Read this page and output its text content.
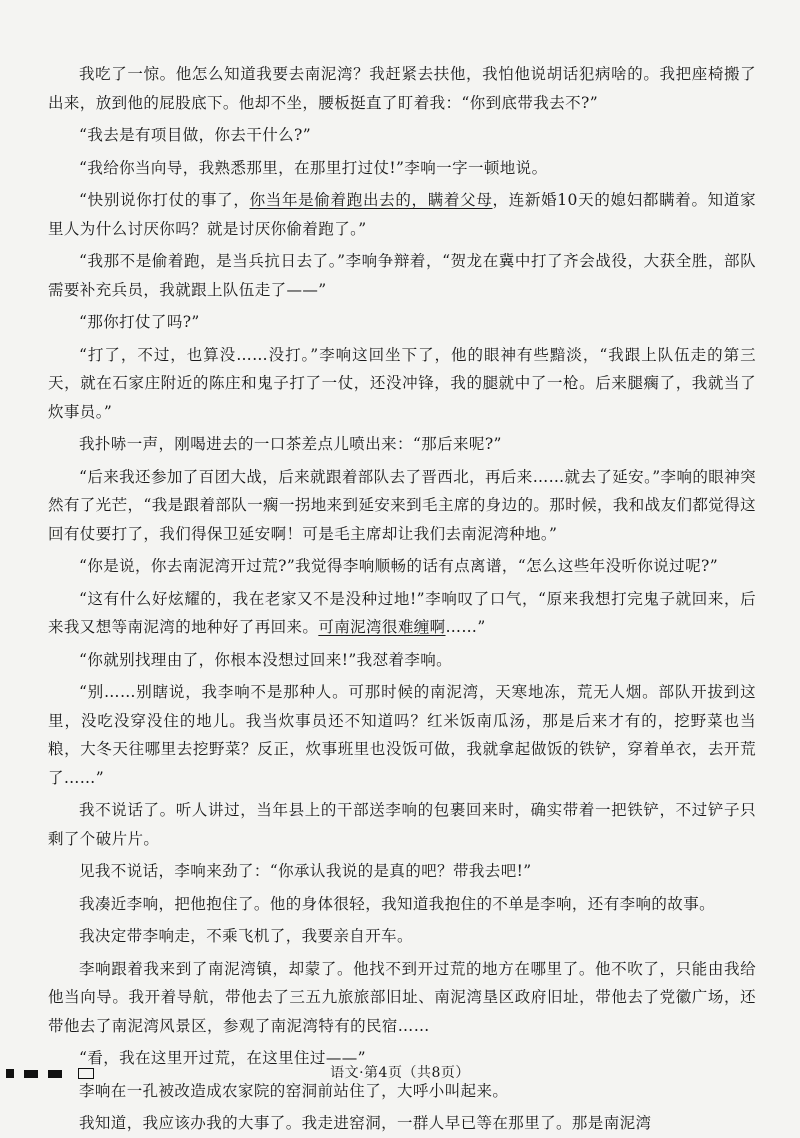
我吃了一惊。他怎么知道我要去南泥湾？我赶紧去扶他，我怕他说胡话犯病啥的。我把座椅搬了出来，放到他的屁股底下。他却不坐，腰板挺直了盯着我：“你到底带我去不?”

“我去是有项目做，你去干什么?”

“我给你当向导，我熟悉那里，在那里打过仗!”李响一字一顿地说。

“快别说你打仗的事了，你当年是偷着跑出去的，瞒着父母，连新婚10天的媳妇都瞒着。知道家里人为什么讨厌你吗？就是讨厌你偷着跑了。”

“我那不是偷着跑，是当兵抗日去了。”李响争辩着，“贺龙在冀中打了齐会战役，大获全胜，部队需要补充兵员，我就跟上队伍走了——”

“那你打仗了吗?”

“打了，不过，也算没……没打。”李响这回坐下了，他的眼神有些黯淡，“我跟上队伍走的第三天，就在石家庄附近的陈庄和鬼子打了一仗，还没冲锋，我的腿就中了一枪。后来腿瘸了，我就当了炊事员。”

我扑哧一声，刚喝进去的一口茶差点儿喷出来：“那后来呢?”

“后来我还参加了百团大战，后来就跟着部队去了晋西北，再后来……就去了延安。”李响的眼神突然有了光芒，“我是跟着部队一瘸一拐地来到延安来到毛主席的身边的。那时候，我和战友们都觉得这回有仗要打了，我们得保卫延安啊！可是毛主席却让我们去南泥湾种地。”

“你是说，你去南泥湾开过荒?”我觉得李响顺畅的话有点离谱，“怎么这些年没听你说过呢?”

“这有什么好炫耀的，我在老家又不是没种过地!”李响叹了口气，“原来我想打完鬼子就回来，后来我又想等南泥湾的地种好了再回来。可南泥湾很难缠啊……”

“你就别找理由了，你根本没想过回来!”我怼着李响。

“别……别瞎说，我李响不是那种人。可那时候的南泥湾，天寒地冻，荒无人烟。部队开拔到这里，没吃没穿没住的地儿。我当炊事员还不知道吗？红米饭南瓜汤，那是后来才有的，挖野菜也当粮，大冬天往哪里去挖野菜？反正，炊事班里也没饭可做，我就拿起做饭的铁铲，穿着单衣，去开荒了……”

我不说话了。听人讲过，当年县上的干部送李响的包裹回来时，确实带着一把铁铲，不过铲子只剩了个破片片。

见我不说话，李响来劲了：“你承认我说的是真的吧？带我去吧!”

我凑近李响，把他抱住了。他的身体很轻，我知道我抱住的不单是李响，还有李响的故事。

我决定带李响走，不乘飞机了，我要亲自开车。

李响跟着我来到了南泥湾镇，却蒙了。他找不到开过荒的地方在哪里了。他不吹了，只能由我给他当向导。我开着导航，带他去了三五九旅旅部旧址、南泥湾垦区政府旧址，带他去了党徽广场，还带他去了南泥湾风景区，参观了南泥湾特有的民宿……

“看，我在这里开过荒，在这里住过——”

李响在一孔被改造成农家院的窑洞前站住了，大呼小叫起来。

我知道，我应该办我的大事了。我走进窑洞，一群人早已等在那里了。那是南泥湾

语文·第4页（共8页）
